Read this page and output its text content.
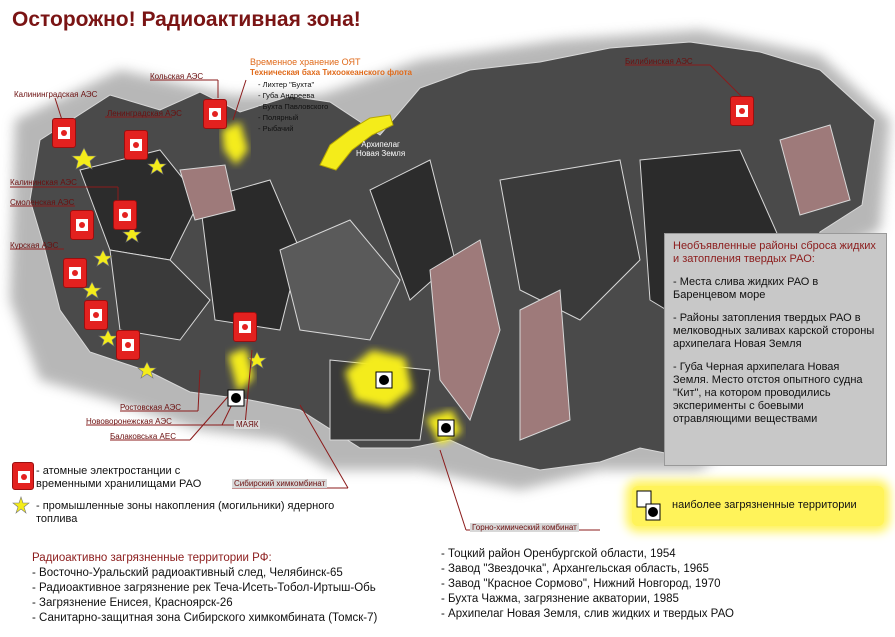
Осторожно! Радиоактивная зона!
Калининградская АЭС
Кольская АЭС
Ленинградская АЭС
Калининская АЭС
Смоленская АЭС
Курская АЭС
Ростовская АЭС
Нововоронежская АЭС
Балаковська АЕС
Билибинская АЭС
Временное хранение ОЯТ
Техническая баха Тихоокеанского флота
- Лихтер "Бухта"
- Губа Андреева
- Бухта Павловского
- Полярный
- Рыбачий
Архипелаг
Новая Земля
МАЯК
Сибирский химкомбинат
Горно-химический комбинат
Необъявленные районы сброса жидких и затопления твердых РАО:
- Места слива жидких РАО в Баренцевом море
- Районы затопления твердых РАО в мелководных заливах карской стороны архипелага Новая Земля
- Губа Черная архипелага Новая Земля. Место отстоя опытного судна "Кит", на котором проводились эксперименты с боевыми отравляющими веществами
- атомные электростанции с временными хранилищами РАО
- промышленные зоны накопления (могильники) ядерного топлива
наиболее загрязненные территории
Радиоактивно загрязненные территории РФ:
- Восточно-Уральский радиоактивный след, Челябинск-65
- Радиоактивное загрязнение рек Теча-Исеть-Тобол-Иртыш-Обь
- Загрязнение Енисея, Красноярск-26
- Санитарно-защитная зона Сибирского химкомбината (Томск-7)
- Тоцкий район Оренбургской области, 1954
- Завод "Звездочка", Архангельская область, 1965
- Завод "Красное Сормово", Нижний Новгород, 1970
- Бухта Чажма, загрязнение акватории, 1985
- Архипелаг Новая Земля, слив жидких и твердых РАО
